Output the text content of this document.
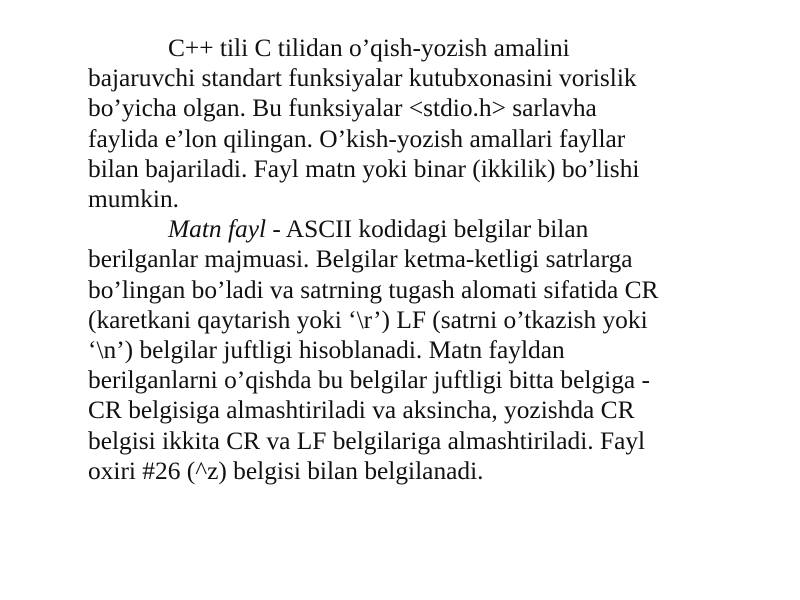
C++ tili C tilidan o’qish-yozish amalini
bajaruvchi standart funksiyalar kutubxonasini vorislik
bo’yicha olgan. Bu funksiyalar <stdio.h> sarlavha
faylida e’lon qilingan. O’kish-yozish amallari fayllar
bilan bajariladi. Fayl matn yoki binar (ikkilik) bo’lishi
mumkin.
Matn fayl - ASCII kodidagi belgilar bilan
berilganlar majmuasi. Belgilar ketma-ketligi satrlarga
bo’lingan bo’ladi va satrning tugash alomati sifatida CR
(karetkani qaytarish yoki ‘\r’) LF (satrni o’tkazish yoki
‘\n’) belgilar juftligi hisoblanadi. Matn fayldan
berilganlarni o’qishda bu belgilar juftligi bitta belgiga -
CR belgisiga almashtiriladi va aksincha, yozishda CR
belgisi ikkita CR va LF belgilariga almashtiriladi. Fayl
oxiri #26 (^z) belgisi bilan belgilanadi.
